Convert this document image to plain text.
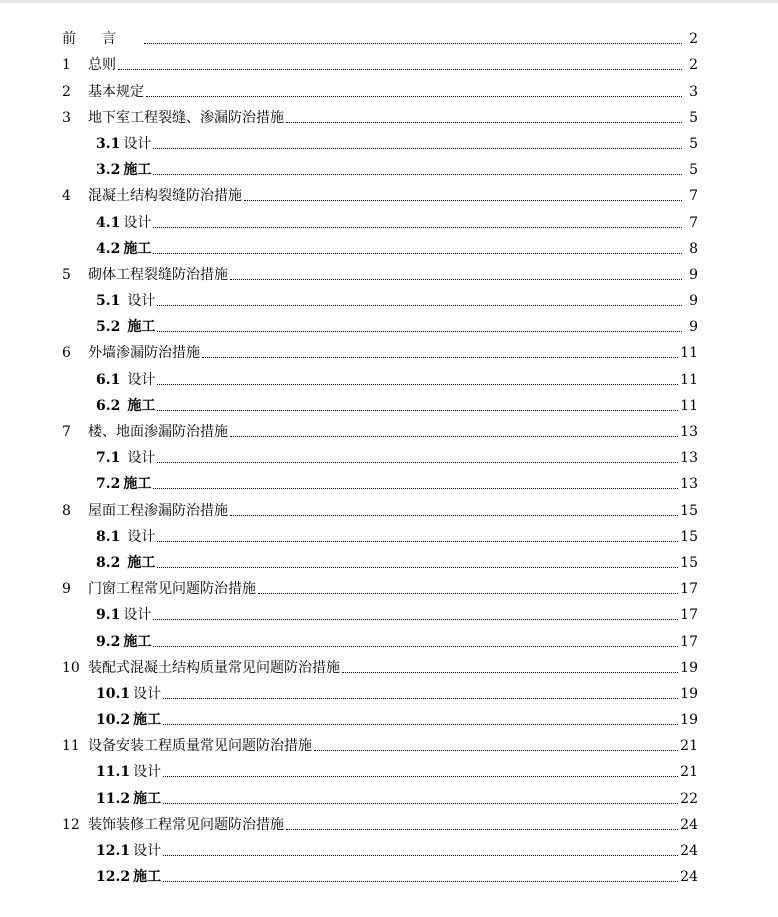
前言	2
1	总则	2
2	基本规定	3
3	地下室工程裂缝、渗漏防治措施	5
3.1 设计	5
3.2 施工	5
4	混凝土结构裂缝防治措施	7
4.1 设计	7
4.2 施工	8
5	砌体工程裂缝防治措施	9
5.1 设计	9
5.2 施工	9
6	外墙渗漏防治措施	11
6.1 设计	11
6.2 施工	11
7	楼、地面渗漏防治措施	13
7.1 设计	13
7.2 施工	13
8	屋面工程渗漏防治措施	15
8.1 设计	15
8.2 施工	15
9	门窗工程常见问题防治措施	17
9.1 设计	17
9.2 施工	17
10 装配式混凝土结构质量常见问题防治措施	19
10.1 设计	19
10.2 施工	19
11 设备安装工程质量常见问题防治措施	21
11.1 设计	21
11.2 施工	22
12 装饰装修工程常见问题防治措施	24
12.1 设计	24
12.2 施工	24
